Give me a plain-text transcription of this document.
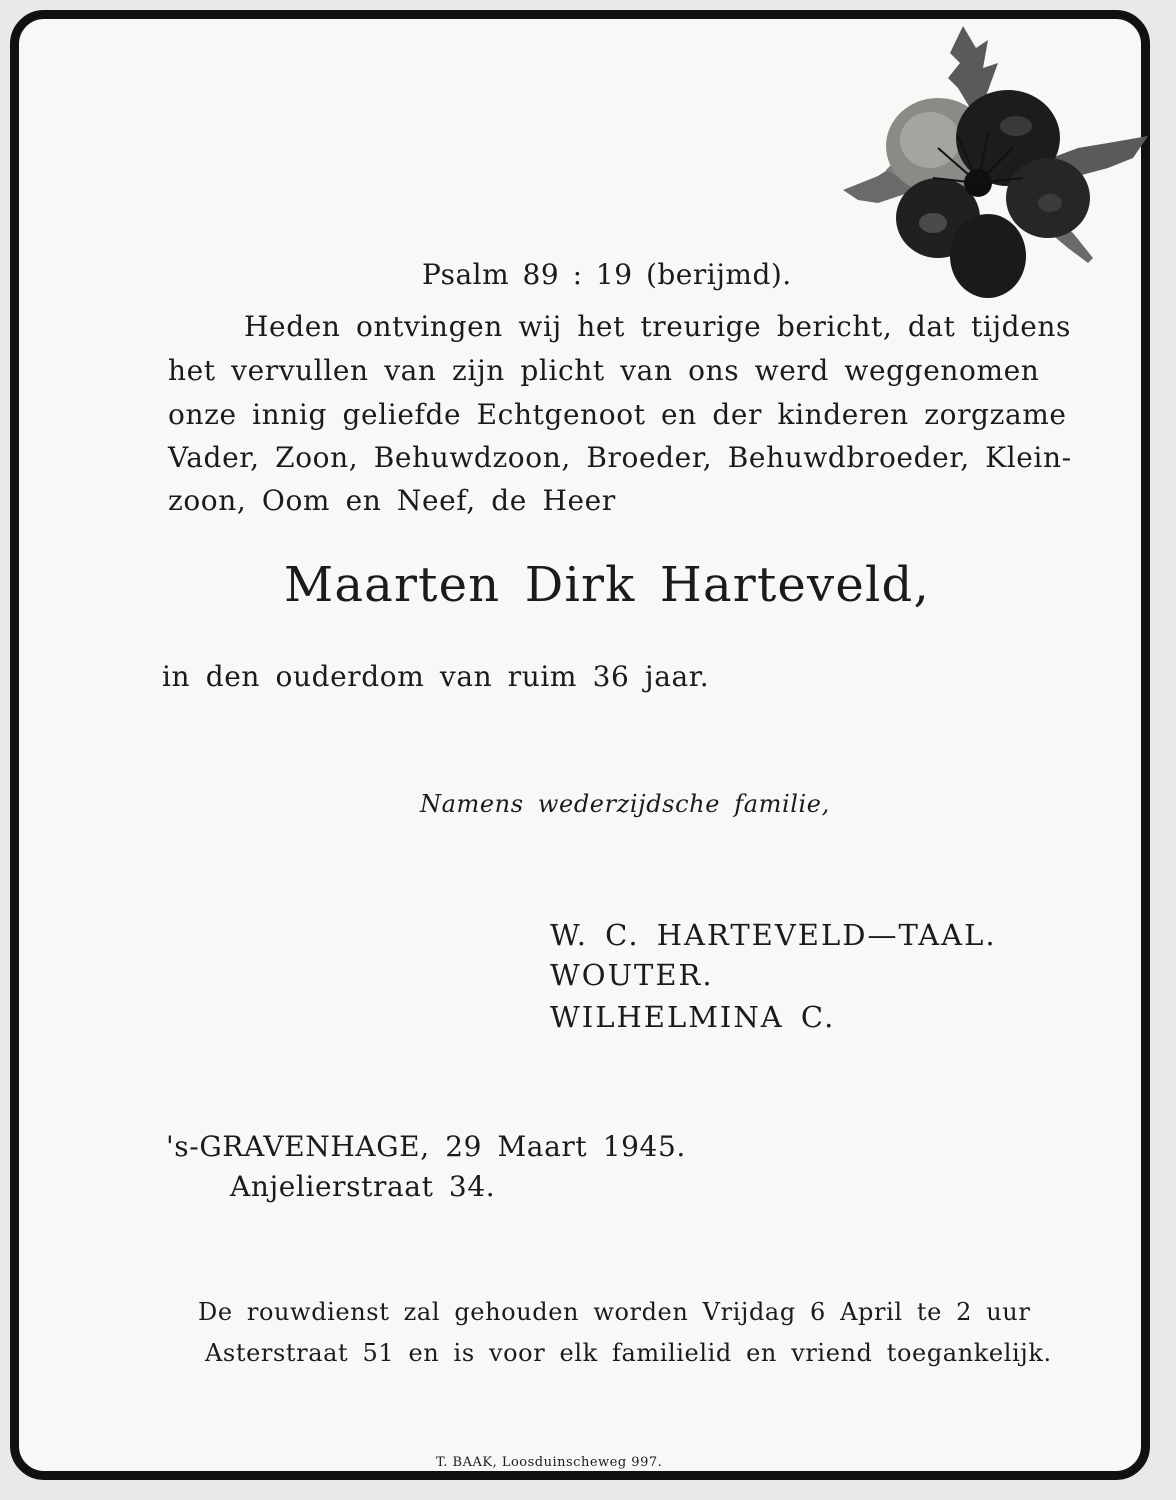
Psalm 89 : 19 (berijmd).

Heden ontvingen wij het treurige bericht, dat tijdens

het vervullen van zijn plicht van ons werd weggenomen

onze innig geliefde Echtgenoot en der kinderen zorgzame

Vader, Zoon, Behuwdzoon, Broeder, Behuwdbroeder, Klein-

zoon, Oom en Neef, de Heer

Maarten Dirk Harteveld,

in den ouderdom van ruim 36 jaar.

Namens wederzijdsche familie,

W. C. HARTEVELD—TAAL.

WOUTER.

WILHELMINA C.

's-GRAVENHAGE, 29 Maart 1945.

Anjelierstraat 34.

De rouwdienst zal gehouden worden Vrijdag 6 April te 2 uur

Asterstraat 51 en is voor elk familielid en vriend toegankelijk.

T. BAAK, Loosduinscheweg 997.
